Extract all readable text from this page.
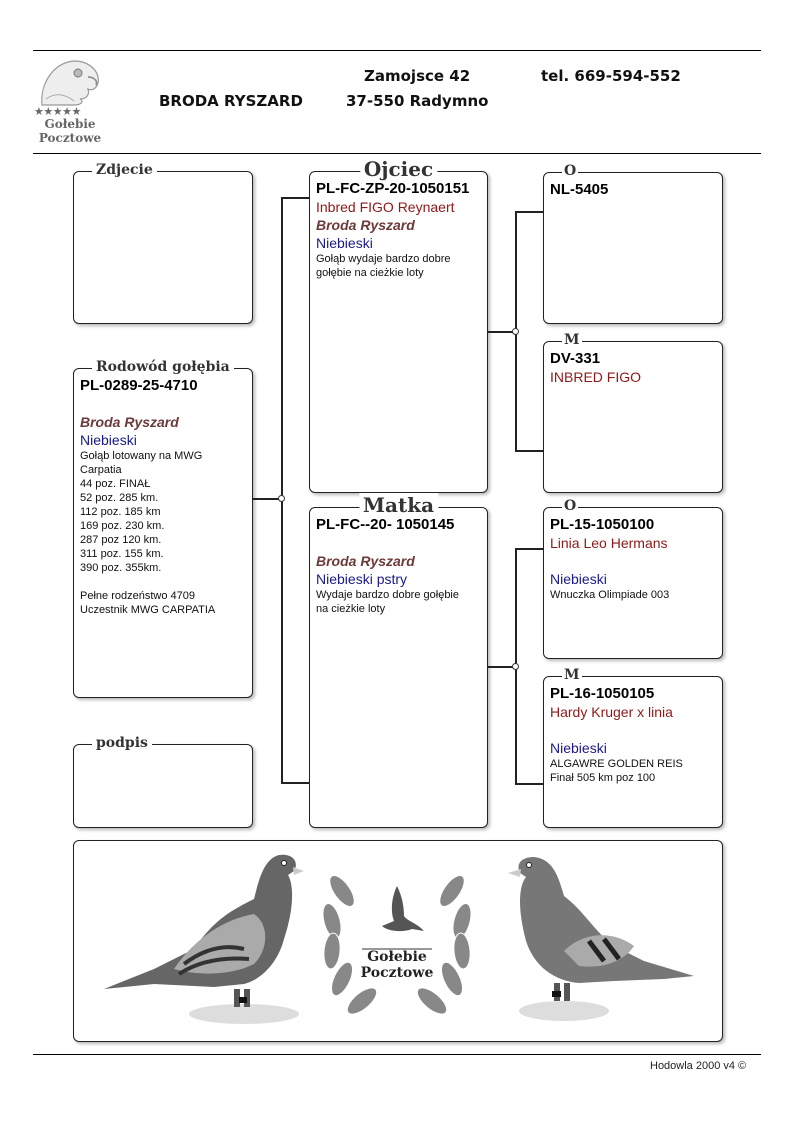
★★★★★
Gołebie
Pocztowe
BRODA RYSZARD
Zamojsce 42
37-550 Radymno
tel. 669-594-552
Zdjecie
Rodowód gołębia
PL-0289-25-4710
Broda Ryszard
Niebieski
Gołąb lotowany na MWG
Carpatia
44 poz. FINAŁ
52 poz. 285 km.
112 poz. 185 km
169 poz. 230 km.
287 poz 120 km.
311 poz. 155 km.
390 poz. 355km.
Pełne rodzeństwo 4709
Uczestnik MWG CARPATIA
podpis
Ojciec
PL-FC-ZP-20-1050151
Inbred FIGO Reynaert
Broda Ryszard
Niebieski
Gołąb wydaje bardzo dobre
gołębie na cieżkie loty
Matka
PL-FC--20- 1050145
Broda Ryszard
Niebieski pstry
Wydaje bardzo dobre gołębie
na cieżkie loty
O
NL-5405
M
DV-331
INBRED FIGO
O
PL-15-1050100
Linia Leo Hermans
Niebieski
Wnuczka Olimpiade 003
M
PL-16-1050105
Hardy Kruger x linia
Niebieski
ALGAWRE GOLDEN REIS
Finał 505 km poz 100
Gołebie
Pocztowe
Hodowla 2000 v4 ©
